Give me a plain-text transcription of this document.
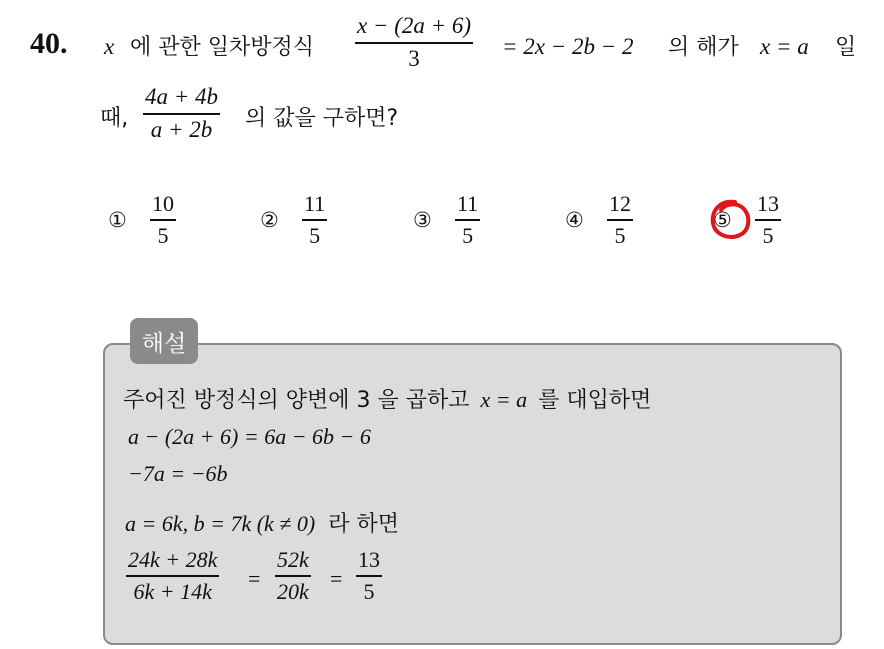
40. x 에 관한 일차방정식
x − (2a + 6)
3	= 2x − 2b − 2 의 해가 x = a 일
때,
4a + 4b
a + 2b 의 값을 구하면?
①
10
5
②
11
5
③
11
5
④
12
5
⑤
13
5
해설
주어진 방정식의 양변에 3 을 곱하고 x = a 를 대입하면
a − (2a + 6) = 6a − 6b − 6
−7a = −6b
a = 6k, b = 7k (k ≠ 0) 라 하면
24k + 28k
6k + 14k
=
52k
20k
=
13
5
